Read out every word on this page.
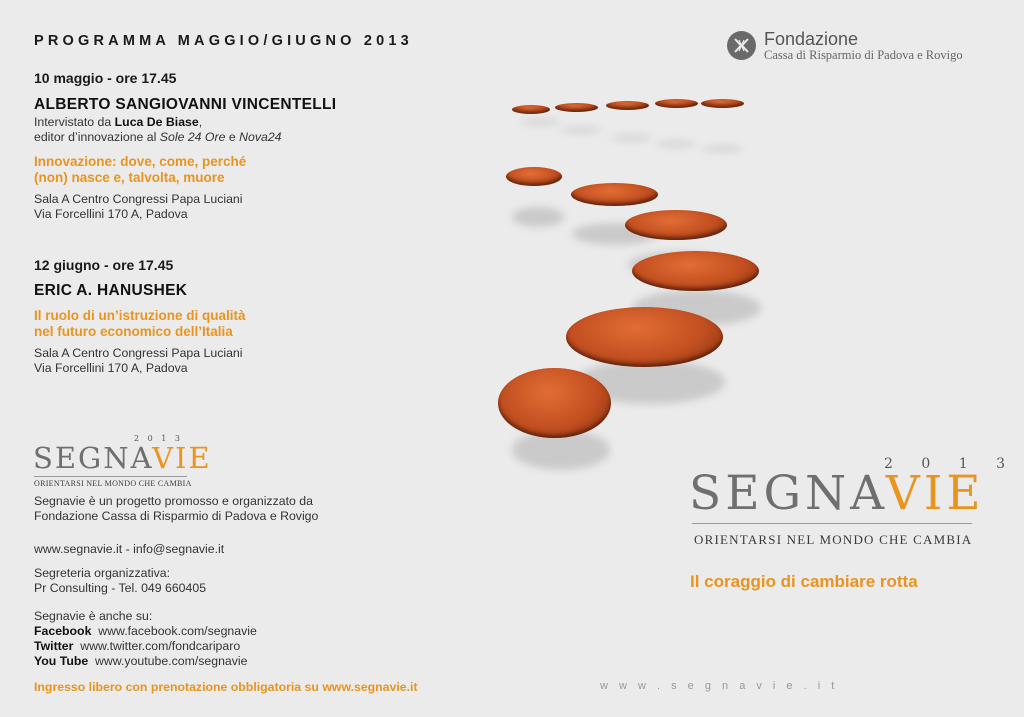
PROGRAMMA MAGGIO/GIUGNO 2013
10 maggio - ore 17.45
ALBERTO SANGIOVANNI VINCENTELLI
Intervistato da Luca De Biase,
editor d’innovazione al Sole 24 Ore e Nova24
Innovazione: dove, come, perché
(non) nasce e, talvolta, muore
Sala A Centro Congressi Papa Luciani
Via Forcellini 170 A, Padova
12 giugno - ore 17.45
ERIC A. HANUSHEK
Il ruolo di un’istruzione di qualità
nel futuro economico dell’Italia
Sala A Centro Congressi Papa Luciani
Via Forcellini 170 A, Padova
2 0 1 3
SEGNAVIE
ORIENTARSI NEL MONDO CHE CAMBIA
Segnavie è un progetto promosso e organizzato da
Fondazione Cassa di Risparmio di Padova e Rovigo
www.segnavie.it - info@segnavie.it
Segreteria organizzativa:
Pr Consulting - Tel. 049 660405
Segnavie è anche su:
Facebook www.facebook.com/segnavie
Twitter www.twitter.com/fondcariparo
You Tube www.youtube.com/segnavie
Ingresso libero con prenotazione obbligatoria su www.segnavie.it
Fondazione
Cassa di Risparmio di Padova e Rovigo
2 0 1 3
SEGNAVIE
ORIENTARSI NEL MONDO CHE CAMBIA
Il coraggio di cambiare rotta
w w w . s e g n a v i e . i t
